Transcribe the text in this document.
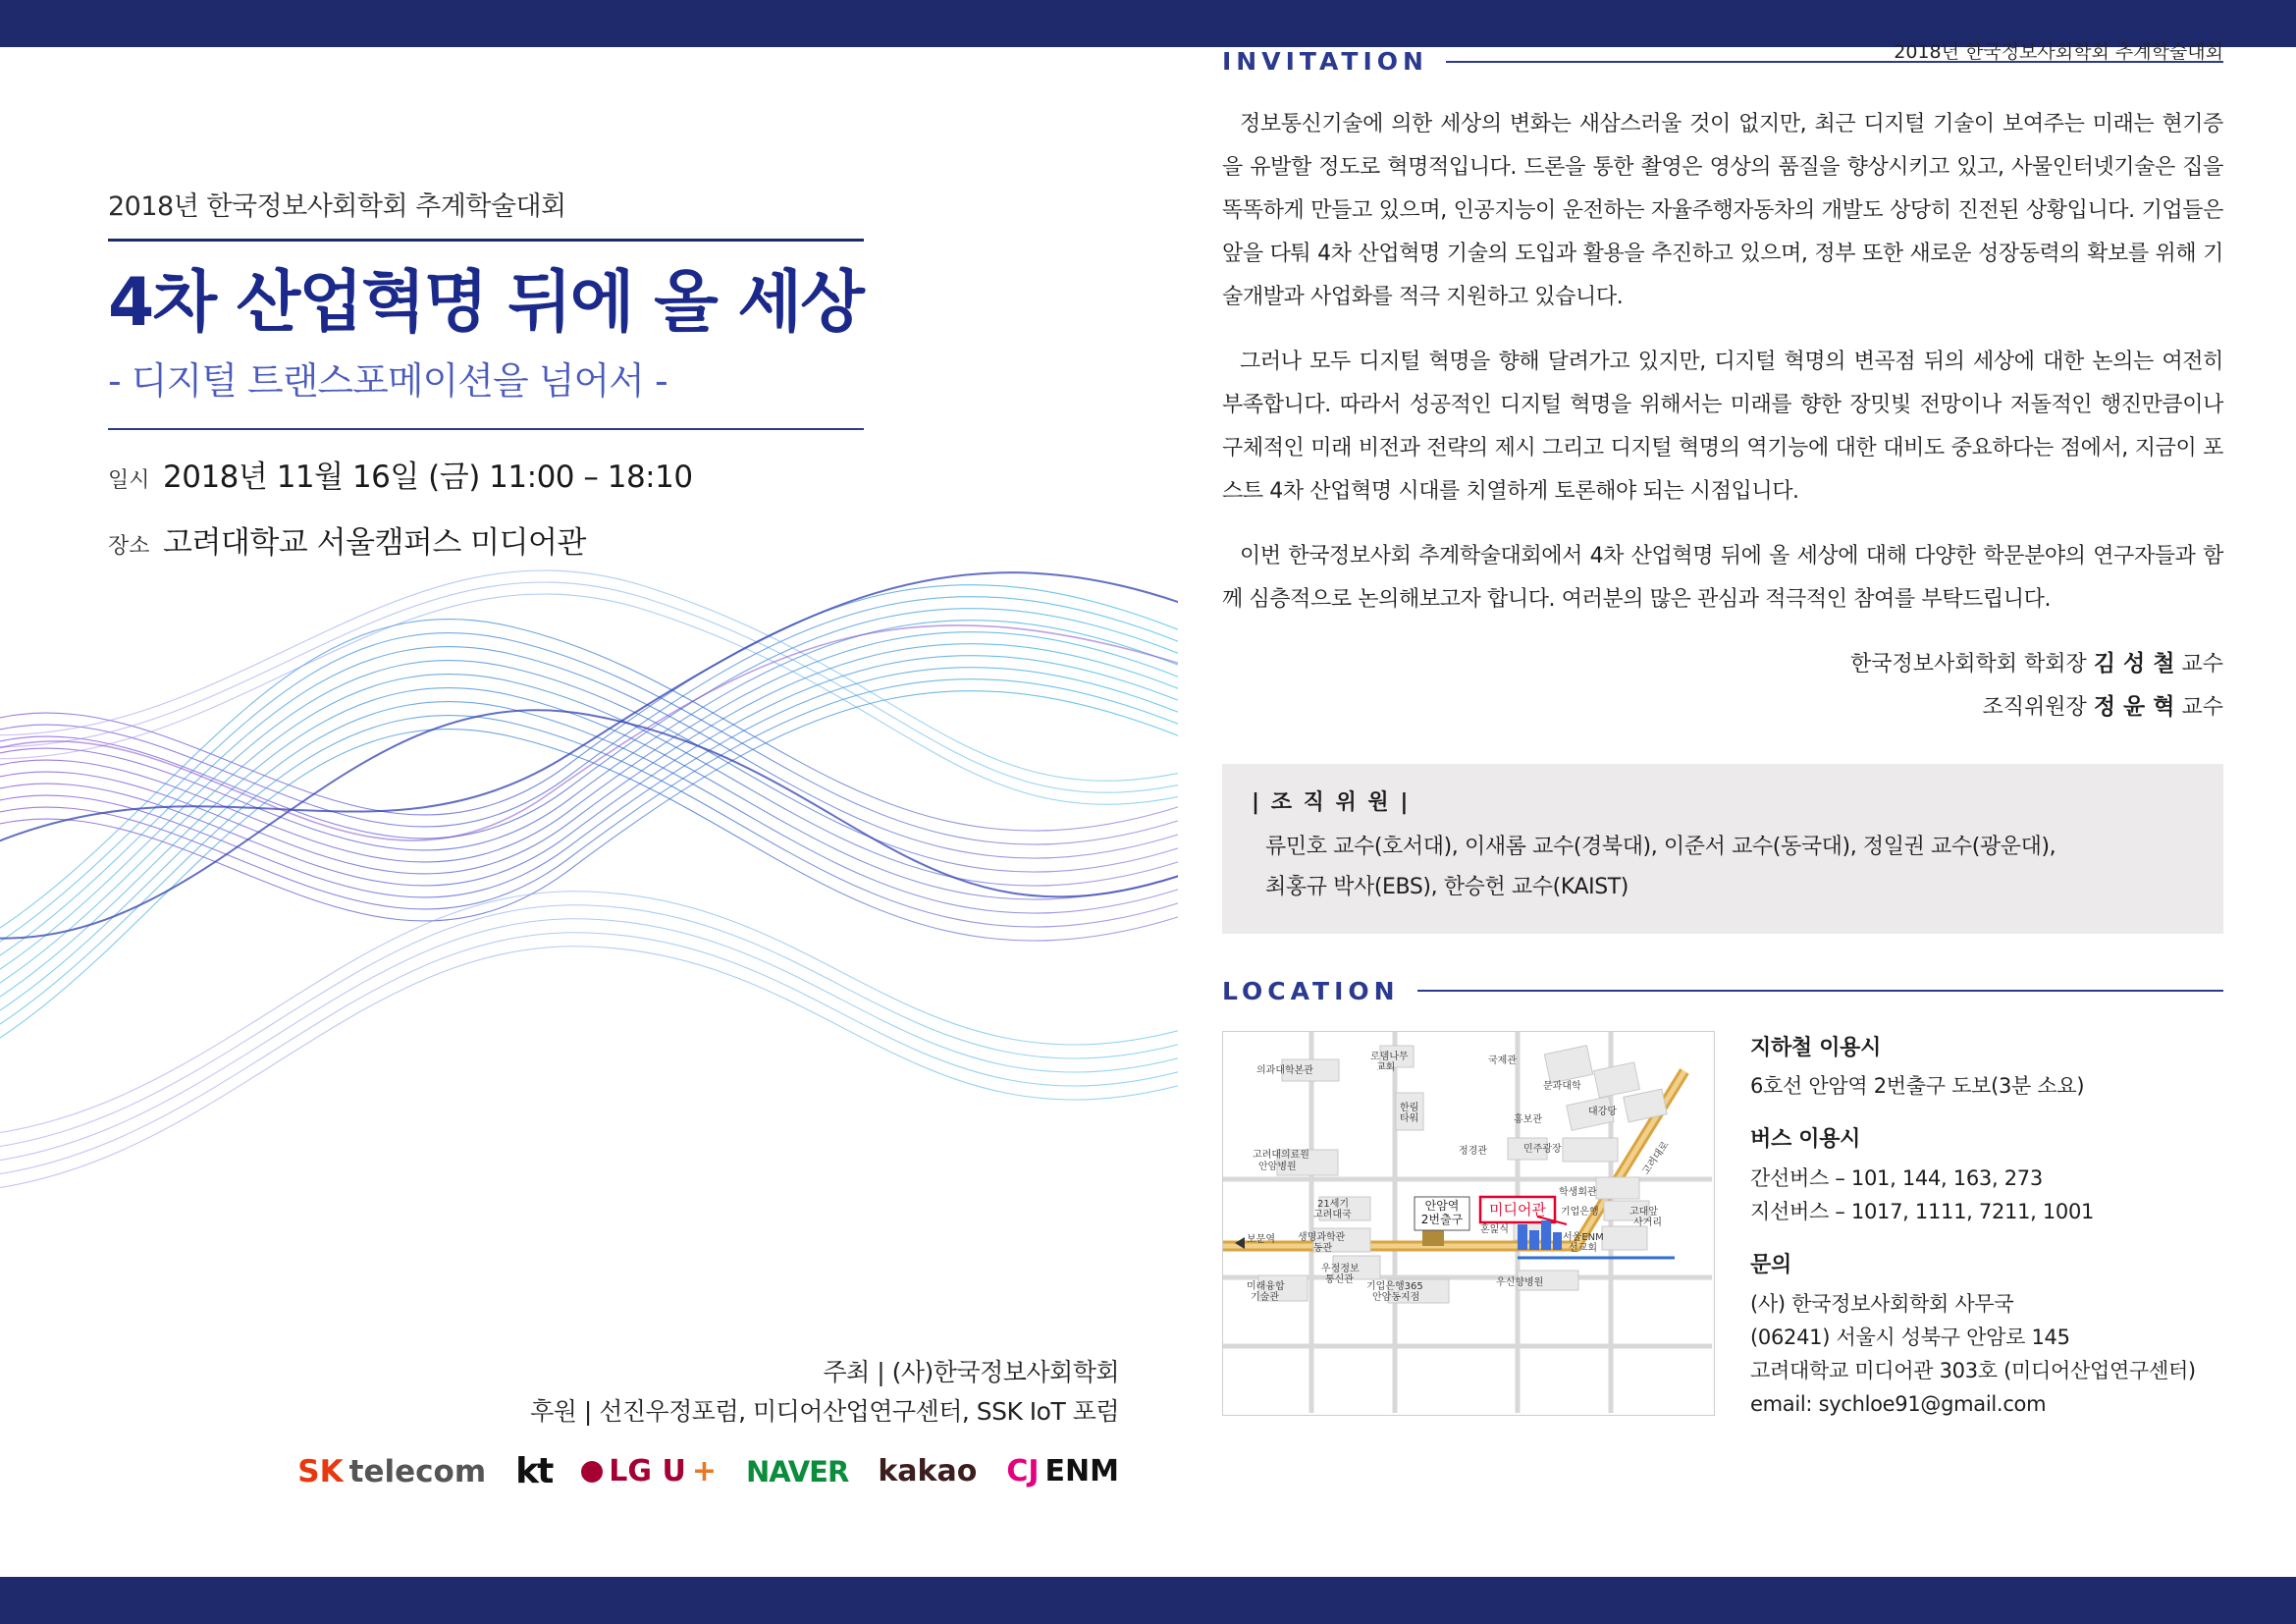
2018년 한국정보사회학회 추계학술대회
4차 산업혁명 뒤에 올 세상
- 디지털 트랜스포메이션을 넘어서 -
일시 2018년 11월 16일 (금) 11:00 – 18:10
장소 고려대학교 서울캠퍼스 미디어관
주최 | (사)한국정보사회학회
후원 | 선진우정포럼, 미디어산업연구센터, SSK IoT 포럼
SK telecom kt LG U + NAVER kakao CJ ENM
2018년 한국정보사회학회 추계학술대회
INVITATION

정보통신기술에 의한 세상의 변화는 새삼스러울 것이 없지만, 최근 디지털 기술이 보여주는 미래는 현기증을 유발할 정도로 혁명적입니다. 드론을 통한 촬영은 영상의 품질을 향상시키고 있고, 사물인터넷기술은 집을 똑똑하게 만들고 있으며, 인공지능이 운전하는 자율주행자동차의 개발도 상당히 진전된 상황입니다. 기업들은 앞을 다퉈 4차 산업혁명 기술의 도입과 활용을 추진하고 있으며, 정부 또한 새로운 성장동력의 확보를 위해 기술개발과 사업화를 적극 지원하고 있습니다.

그러나 모두 디지털 혁명을 향해 달려가고 있지만, 디지털 혁명의 변곡점 뒤의 세상에 대한 논의는 여전히 부족합니다. 따라서 성공적인 디지털 혁명을 위해서는 미래를 향한 장밋빛 전망이나 저돌적인 행진만큼이나 구체적인 미래 비전과 전략의 제시 그리고 디지털 혁명의 역기능에 대한 대비도 중요하다는 점에서, 지금이 포스트 4차 산업혁명 시대를 치열하게 토론해야 되는 시점입니다.

이번 한국정보사회 추계학술대회에서 4차 산업혁명 뒤에 올 세상에 대해 다양한 학문분야의 연구자들과 함께 심층적으로 논의해보고자 합니다. 여러분의 많은 관심과 적극적인 참여를 부탁드립니다.

한국정보사회학회 학회장 김 성 철 교수
조직위원장 정 윤 혁 교수
| 조 직 위 원 |
류민호 교수(호서대), 이새롬 교수(경북대), 이준서 교수(동국대), 정일권 교수(광운대),
최홍규 박사(EBS), 한승헌 교수(KAIST)
LOCATION
미디어관
안암역
2번출구
의과대학본관
로뎀나무
교회
국제관
문과대학
한림
타워	홍보관
대강당
정경관	민주광장
고려대의료원
안암병원
학생회관
고려대로
보문역
21세기
고려대국
혼잁식
기업은행	고대앞
사거리
생명과학관
동관
서울ENM
선교회
우정정보
통신관
미래융합
기술관
기업은행365
안암동지점
우신향병원
지하철 이용시
6호선 안암역 2번출구 도보(3분 소요)
버스 이용시
간선버스 – 101, 144, 163, 273
지선버스 – 1017, 1111, 7211, 1001
문의
(사) 한국정보사회학회 사무국
(06241) 서울시 성북구 안암로 145
고려대학교 미디어관 303호 (미디어산업연구센터)
email: sychloe91@gmail.com
